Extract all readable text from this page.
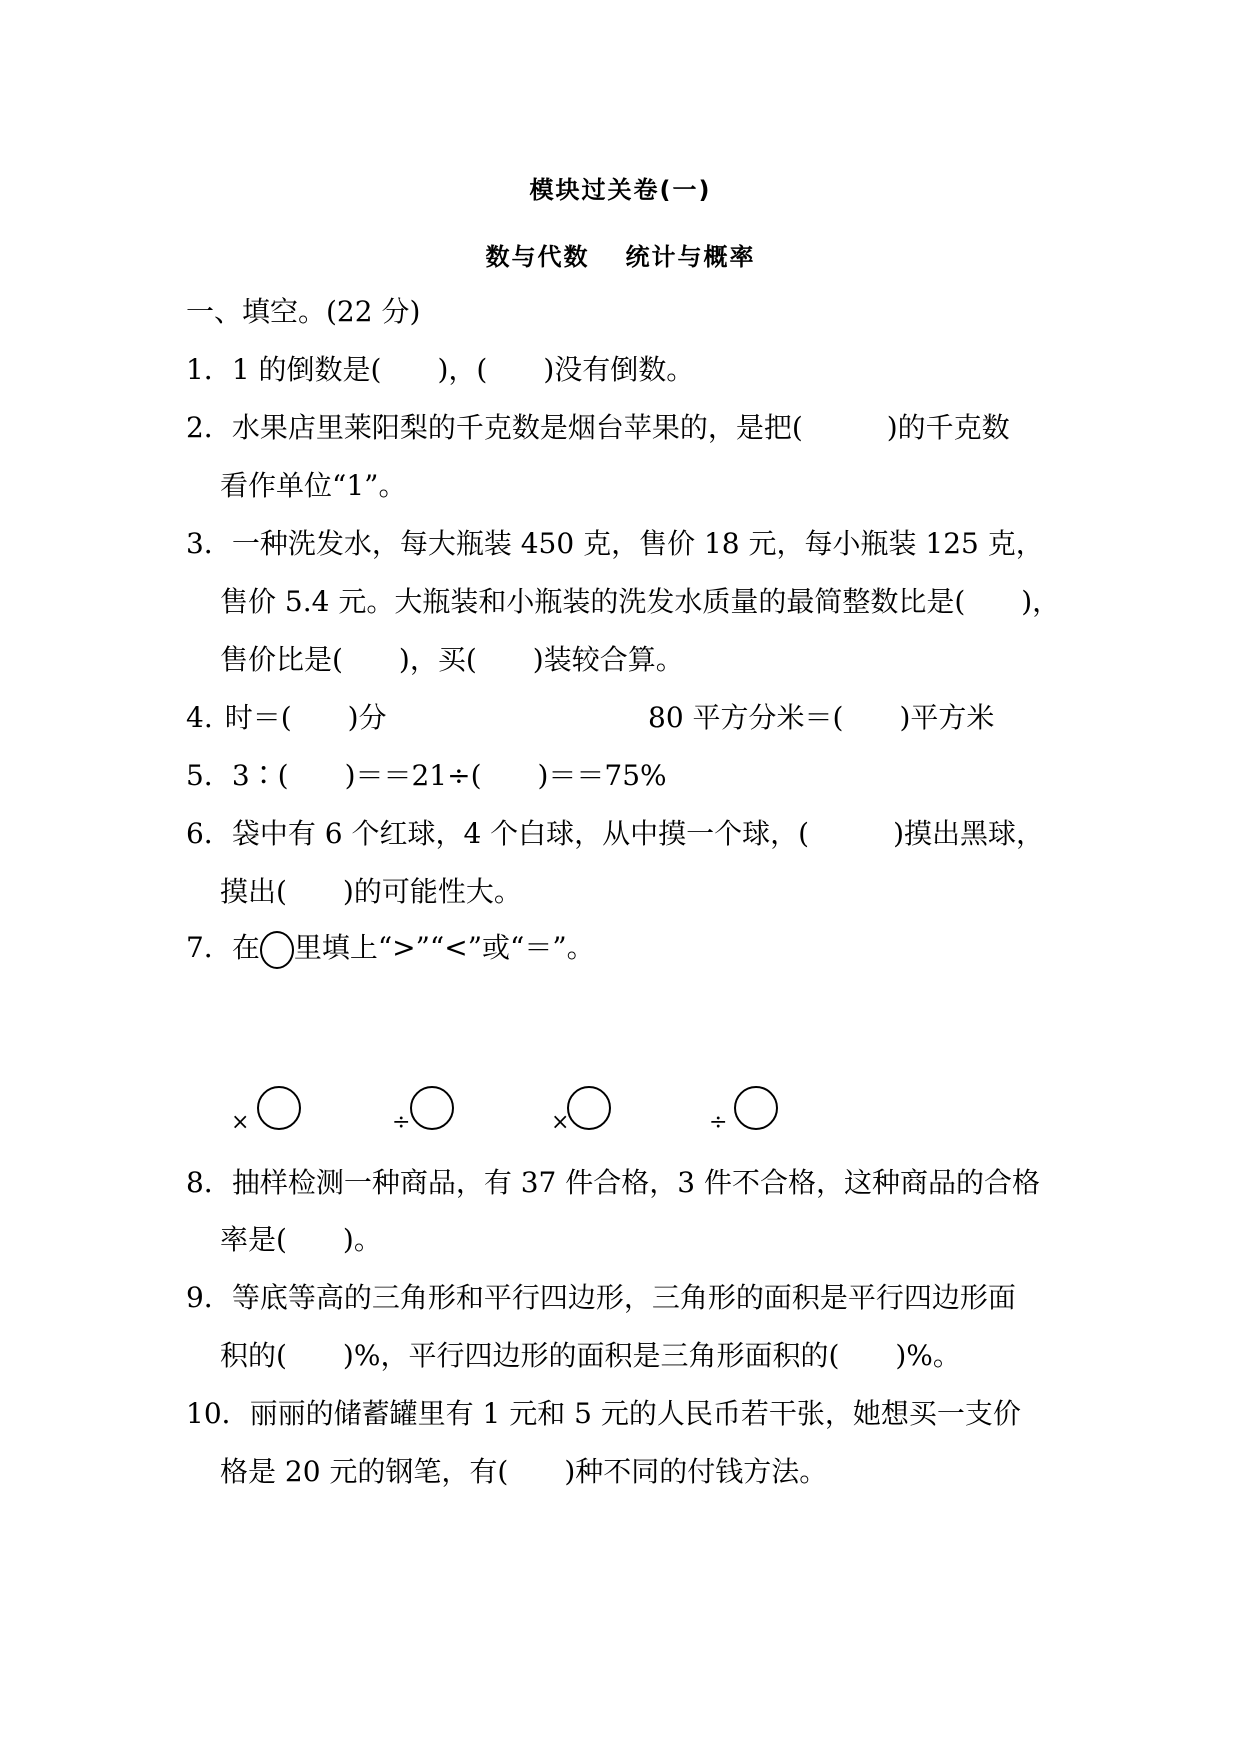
模块过关卷(一)
数与代数 统计与概率
一、填空。(22 分)
1．1 的倒数是(　　)，(　　)没有倒数。
2．水果店里莱阳梨的千克数是烟台苹果的，是把(　　　)的千克数
看作单位“1”。
3．一种洗发水，每大瓶装 450 克，售价 18 元，每小瓶装 125 克，
售价 5.4 元。大瓶装和小瓶装的洗发水质量的最简整数比是(　　)，
售价比是(　　)，买(　　)装较合算。
4. 时＝(　　)分	80 平方分米＝(　　)平方米
5．3∶(　　)＝＝21÷(　　)＝＝75%
6．袋中有 6 个红球，4 个白球，从中摸一个球，(　　　)摸出黑球，
摸出(　　)的可能性大。
7．在 里填上“>”“<”或“＝”。
×	÷	×	÷
8．抽样检测一种商品，有 37 件合格，3 件不合格，这种商品的合格
率是(　　)。
9．等底等高的三角形和平行四边形，三角形的面积是平行四边形面
积的(　　)%，平行四边形的面积是三角形面积的(　　)%。
10．丽丽的储蓄罐里有 1 元和 5 元的人民币若干张，她想买一支价
格是 20 元的钢笔，有(　　)种不同的付钱方法。
